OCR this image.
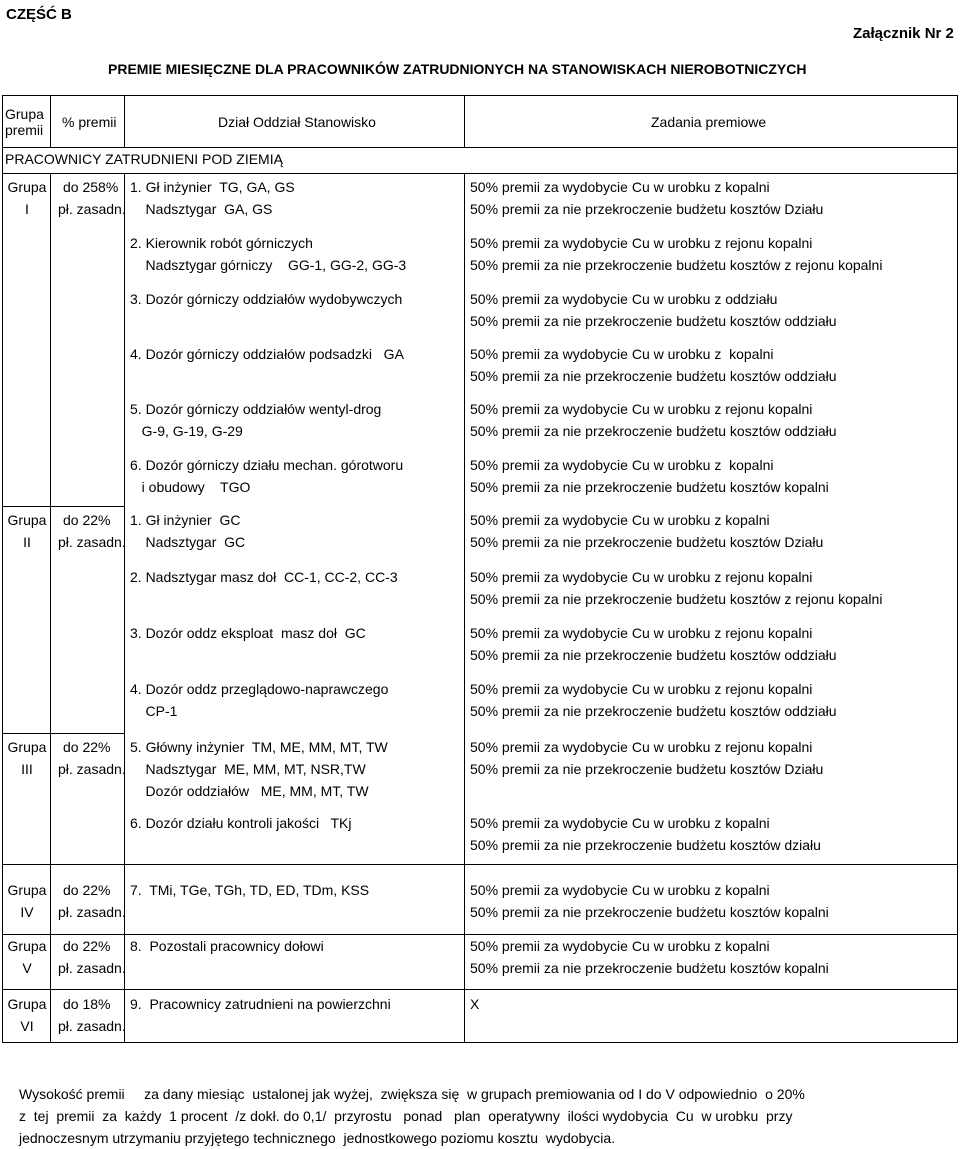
CZĘŚĆ B
Załącznik Nr 2
PREMIE MIESIĘCZNE DLA PRACOWNIKÓW ZATRUDNIONYCH NA STANOWISKACH NIEROBOTNICZYCH
Grupa
premii % premii	Dział Oddział Stanowisko	Zadania premiowe
PRACOWNICY ZATRUDNIENI POD ZIEMIĄ
Grupa
I
Grupa
II
Grupa
III
Grupa
IV
Grupa
V
Grupa
VI
do 258%
pł. zasadn.
do 22%
pł. zasadn.
do 22%
pł. zasadn.
do 22%
pł. zasadn.
do 22%
pł. zasadn.
do 18%
pł. zasadn.
1. Gł inżynier  TG, GA, GS
Nadsztygar  GA, GS
2. Kierownik robót górniczych
Nadsztygar górniczy    GG-1, GG-2, GG-3
3. Dozór górniczy oddziałów wydobywczych
4. Dozór górniczy oddziałów podsadzki   GA
5. Dozór górniczy oddziałów wentyl-drog
G-9, G-19, G-29
6. Dozór górniczy działu mechan. górotworu
i obudowy    TGO
1. Gł inżynier  GC
Nadsztygar  GC
2. Nadsztygar masz doł  CC-1, CC-2, CC-3
3. Dozór oddz eksploat  masz doł  GC
4. Dozór oddz przeglądowo-naprawczego
CP-1
5. Główny inżynier  TM, ME, MM, MT, TW
Nadsztygar  ME, MM, MT, NSR,TW
Dozór oddziałów   ME, MM, MT, TW
6. Dozór działu kontroli jakości   TKj
7.  TMi, TGe, TGh, TD, ED, TDm, KSS
8.  Pozostali pracownicy dołowi
9.  Pracownicy zatrudnieni na powierzchni
50% premii za wydobycie Cu w urobku z kopalni
50% premii za nie przekroczenie budżetu kosztów Działu
50% premii za wydobycie Cu w urobku z rejonu kopalni
50% premii za nie przekroczenie budżetu kosztów z rejonu kopalni
50% premii za wydobycie Cu w urobku z oddziału
50% premii za nie przekroczenie budżetu kosztów oddziału
50% premii za wydobycie Cu w urobku z  kopalni
50% premii za nie przekroczenie budżetu kosztów oddziału
50% premii za wydobycie Cu w urobku z rejonu kopalni
50% premii za nie przekroczenie budżetu kosztów oddziału
50% premii za wydobycie Cu w urobku z  kopalni
50% premii za nie przekroczenie budżetu kosztów kopalni
50% premii za wydobycie Cu w urobku z kopalni
50% premii za nie przekroczenie budżetu kosztów Działu
50% premii za wydobycie Cu w urobku z rejonu kopalni
50% premii za nie przekroczenie budżetu kosztów z rejonu kopalni
50% premii za wydobycie Cu w urobku z rejonu kopalni
50% premii za nie przekroczenie budżetu kosztów oddziału
50% premii za wydobycie Cu w urobku z rejonu kopalni
50% premii za nie przekroczenie budżetu kosztów oddziału
50% premii za wydobycie Cu w urobku z rejonu kopalni
50% premii za nie przekroczenie budżetu kosztów Działu
50% premii za wydobycie Cu w urobku z kopalni
50% premii za nie przekroczenie budżetu kosztów działu
50% premii za wydobycie Cu w urobku z kopalni
50% premii za nie przekroczenie budżetu kosztów kopalni
50% premii za wydobycie Cu w urobku z kopalni
50% premii za nie przekroczenie budżetu kosztów kopalni
X
Wysokość premii     za dany miesiąc  ustalonej jak wyżej,  zwiększa się  w grupach premiowania od I do V odpowiednio  o 20%
z  tej  premii  za  każdy  1 procent  /z dokł. do 0,1/  przyrostu   ponad   plan  operatywny  ilości wydobycia  Cu  w urobku  przy
jednoczesnym utrzymaniu przyjętego technicznego  jednostkowego poziomu kosztu  wydobycia.
